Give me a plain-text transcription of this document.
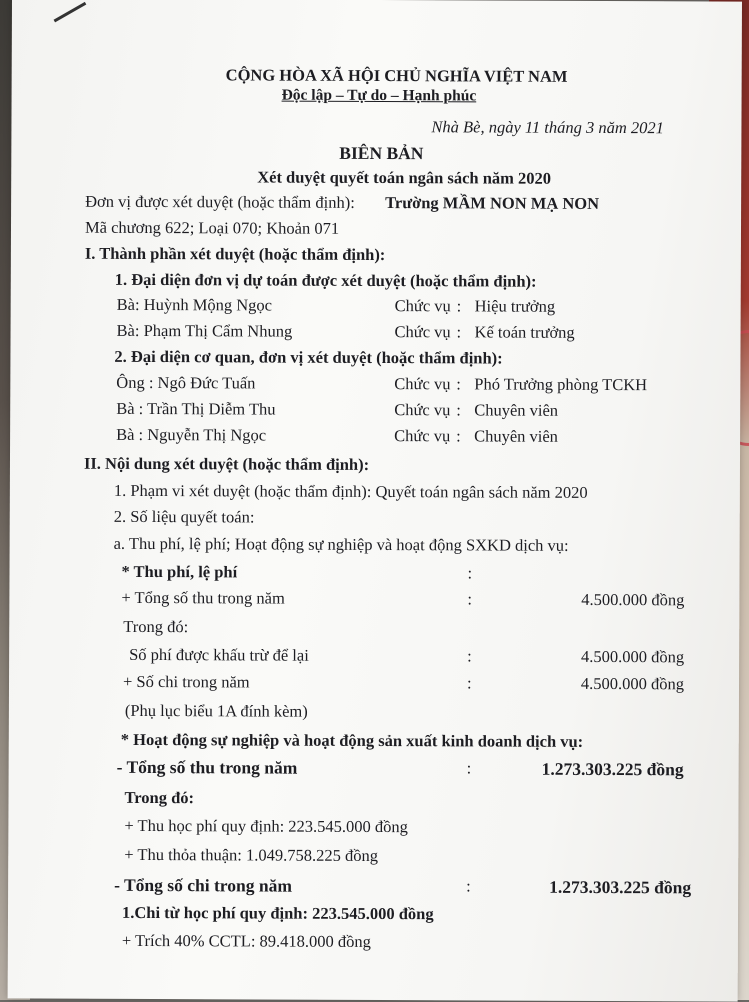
CỘNG HÒA XÃ HỘI CHỦ NGHĨA VIỆT NAM
Độc lập – Tự do – Hạnh phúc
Nhà Bè, ngày 11 tháng 3 năm 2021
BIÊN BẢN
Xét duyệt quyết toán ngân sách năm 2020
Đơn vị được xét duyệt (hoặc thẩm định): Trường MẦM NON MẠ NON
Mã chương 622; Loại 070; Khoản 071
I. Thành phần xét duyệt (hoặc thẩm định):
1. Đại diện đơn vị dự toán được xét duyệt (hoặc thẩm định):
Bà: Huỳnh Mộng Ngọc	Chức vụ : Hiệu trưởng
Bà: Phạm Thị Cẩm Nhung	Chức vụ : Kế toán trưởng
2. Đại diện cơ quan, đơn vị xét duyệt (hoặc thẩm định):
Ông : Ngô Đức Tuấn	Chức vụ : Phó Trưởng phòng TCKH
Bà : Trần Thị Diễm Thu	Chức vụ : Chuyên viên
Bà : Nguyễn Thị Ngọc	Chức vụ : Chuyên viên
II. Nội dung xét duyệt (hoặc thẩm định):
1. Phạm vi xét duyệt (hoặc thẩm định): Quyết toán ngân sách năm 2020
2. Số liệu quyết toán:
a. Thu phí, lệ phí; Hoạt động sự nghiệp và hoạt động SXKD dịch vụ:
* Thu phí, lệ phí	:
+ Tổng số thu trong năm	:	4.500.000 đồng
Trong đó:
Số phí được khấu trừ để lại	:	4.500.000 đồng
+ Số chi trong năm	:	4.500.000 đồng
(Phụ lục biểu 1A đính kèm)
* Hoạt động sự nghiệp và hoạt động sản xuất kinh doanh dịch vụ:
- Tổng số thu trong năm	:	1.273.303.225 đồng
Trong đó:
+ Thu học phí quy định: 223.545.000 đồng
+ Thu thỏa thuận: 1.049.758.225 đồng
- Tổng số chi trong năm	:	1.273.303.225 đồng
1.Chi từ học phí quy định: 223.545.000 đồng
+ Trích 40% CCTL: 89.418.000 đồng
